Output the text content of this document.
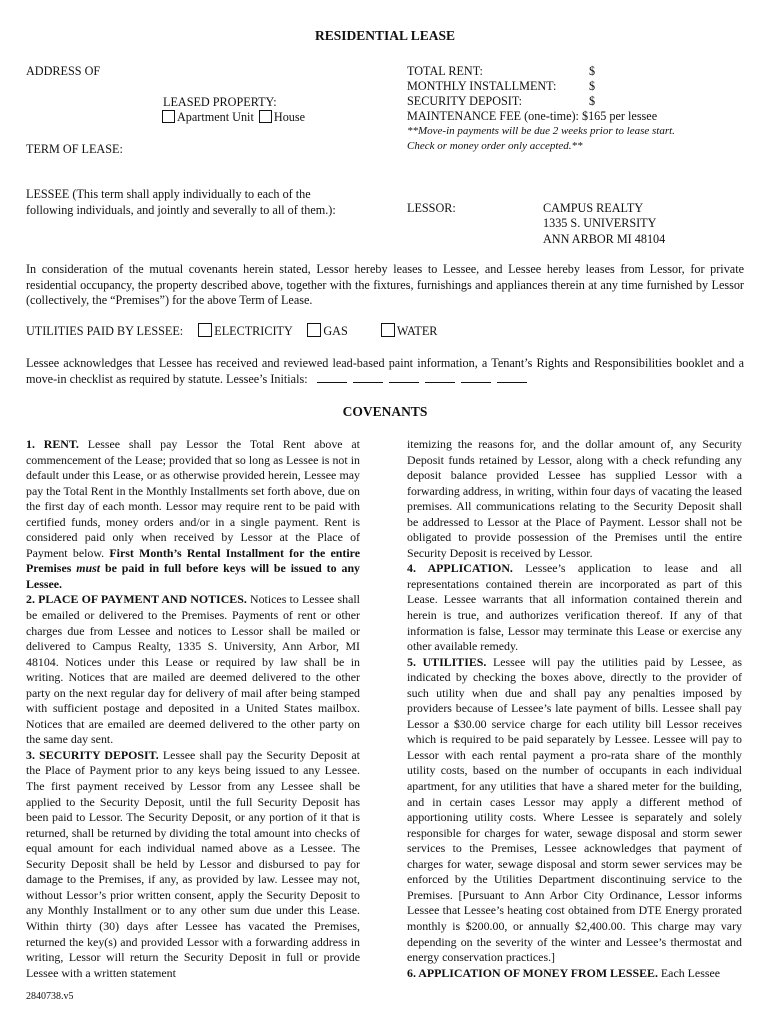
RESIDENTIAL LEASE
ADDRESS OF
LEASED PROPERTY:
Apartment Unit House
TERM OF LEASE:
LESSEE (This term shall apply individually to each of the
following individuals, and jointly and severally to all of them.):
TOTAL RENT:	$
MONTHLY INSTALLMENT:	$
SECURITY DEPOSIT:	$
MAINTENANCE FEE (one-time): $165 per lessee
**Move-in payments will be due 2 weeks prior to lease start.
Check or money order only accepted.**
LESSOR:	CAMPUS REALTY
1335 S. UNIVERSITY
ANN ARBOR MI 48104
In consideration of the mutual covenants herein stated, Lessor hereby leases to Lessee, and Lessee hereby leases from Lessor, for private residential occupancy, the property described above, together with the fixtures, furnishings and appliances therein at any time furnished by Lessor (collectively, the “Premises”) for the above Term of Lease.
UTILITIES PAID BY LESSEE:	ELECTRICITY	GAS	WATER
Lessee acknowledges that Lessee has received and reviewed lead-based paint information, a Tenant’s Rights and Responsibilities booklet and a move-in checklist as required by statute. Lessee’s Initials:
COVENANTS

1. RENT. Lessee shall pay Lessor the Total Rent above at commencement of the Lease; provided that so long as Lessee is not in default under this Lease, or as otherwise provided herein, Lessee may pay the Total Rent in the Monthly Installments set forth above, due on the first day of each month. Lessor may require rent to be paid with certified funds, money orders and/or in a single payment. Rent is considered paid only when received by Lessor at the Place of Payment below. First Month’s Rental Installment for the entire Premises must be paid in full before keys will be issued to any Lessee.

2. PLACE OF PAYMENT AND NOTICES. Notices to Lessee shall be emailed or delivered to the Premises. Payments of rent or other charges due from Lessee and notices to Lessor shall be mailed or delivered to Campus Realty, 1335 S. University, Ann Arbor, MI 48104. Notices under this Lease or required by law shall be in writing. Notices that are mailed are deemed delivered to the other party on the next regular day for delivery of mail after being stamped with sufficient postage and deposited in a United States mailbox. Notices that are emailed are deemed delivered to the other party on the same day sent.

3. SECURITY DEPOSIT. Lessee shall pay the Security Deposit at the Place of Payment prior to any keys being issued to any Lessee. The first payment received by Lessor from any Lessee shall be applied to the Security Deposit, until the full Security Deposit has been paid to Lessor. The Security Deposit, or any portion of it that is returned, shall be returned by dividing the total amount into checks of equal amount for each individual named above as a Lessee. The Security Deposit shall be held by Lessor and disbursed to pay for damage to the Premises, if any, as provided by law. Lessee may not, without Lessor’s prior written consent, apply the Security Deposit to any Monthly Installment or to any other sum due under this Lease. Within thirty (30) days after Lessee has vacated the Premises, returned the key(s) and provided Lessor with a forwarding address in writing, Lessor will return the Security Deposit in full or provide Lessee with a written statement

itemizing the reasons for, and the dollar amount of, any Security Deposit funds retained by Lessor, along with a check refunding any deposit balance provided Lessee has supplied Lessor with a forwarding address, in writing, within four days of vacating the leased premises. All communications relating to the Security Deposit shall be addressed to Lessor at the Place of Payment. Lessor shall not be obligated to provide possession of the Premises until the entire Security Deposit is received by Lessor.

4. APPLICATION. Lessee’s application to lease and all representations contained therein are incorporated as part of this Lease. Lessee warrants that all information contained therein and herein is true, and authorizes verification thereof. If any of that information is false, Lessor may terminate this Lease or exercise any other available remedy.

5. UTILITIES. Lessee will pay the utilities paid by Lessee, as indicated by checking the boxes above, directly to the provider of such utility when due and shall pay any penalties imposed by providers because of Lessee’s late payment of bills. Lessee shall pay Lessor a $30.00 service charge for each utility bill Lessor receives which is required to be paid separately by Lessee. Lessee will pay to Lessor with each rental payment a pro-rata share of the monthly utility costs, based on the number of occupants in each individual apartment, for any utilities that have a shared meter for the building, and in certain cases Lessor may apply a different method of apportioning utility costs. Where Lessee is separately and solely responsible for charges for water, sewage disposal and storm sewer services to the Premises, Lessee acknowledges that payment of charges for water, sewage disposal and storm sewer services may be enforced by the Utilities Department discontinuing service to the Premises. [Pursuant to Ann Arbor City Ordinance, Lessor informs Lessee that Lessee’s heating cost obtained from DTE Energy prorated monthly is $200.00, or annually $2,400.00. This charge may vary depending on the severity of the winter and Lessee’s thermostat and energy conservation practices.]

6. APPLICATION OF MONEY FROM LESSEE. Each Lessee

2840738.v5
